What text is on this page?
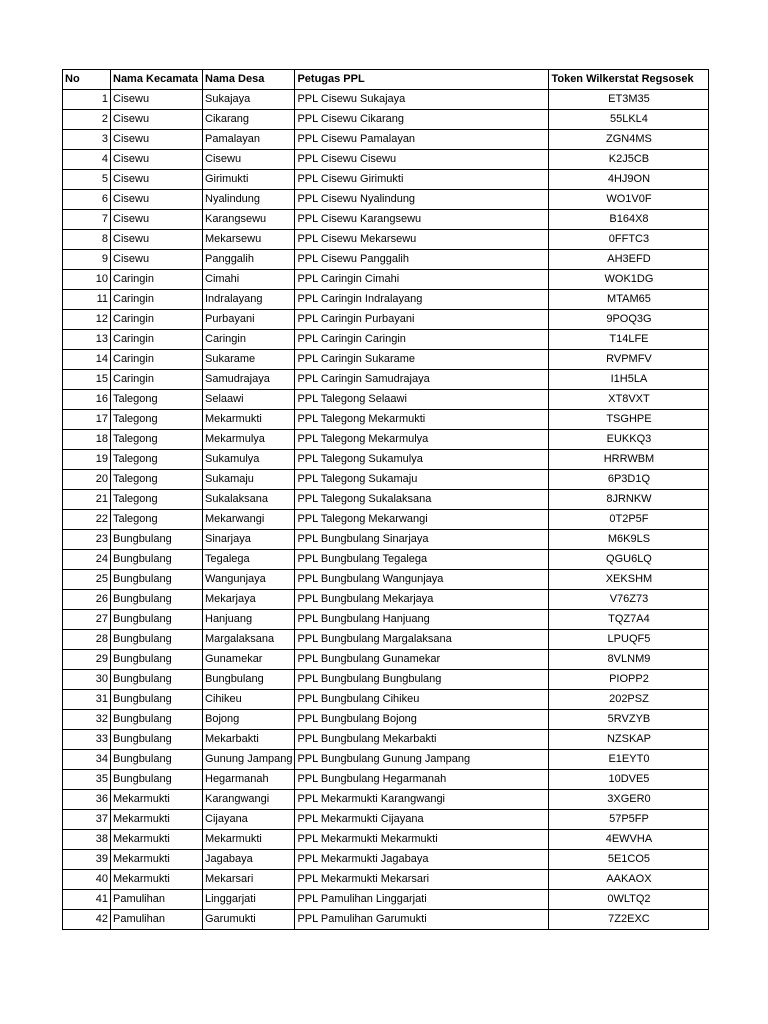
No	Nama Kecamata	Nama Desa	Petugas PPL	Token Wilkerstat Regsosek
1	Cisewu	Sukajaya	PPL Cisewu Sukajaya	ET3M35
2	Cisewu	Cikarang	PPL Cisewu Cikarang	55LKL4
3	Cisewu	Pamalayan	PPL Cisewu Pamalayan	ZGN4MS
4	Cisewu	Cisewu	PPL Cisewu Cisewu	K2J5CB
5	Cisewu	Girimukti	PPL Cisewu Girimukti	4HJ9ON
6	Cisewu	Nyalindung	PPL Cisewu Nyalindung	WO1V0F
7	Cisewu	Karangsewu	PPL Cisewu Karangsewu	B164X8
8	Cisewu	Mekarsewu	PPL Cisewu Mekarsewu	0FFTC3
9	Cisewu	Panggalih	PPL Cisewu Panggalih	AH3EFD
10	Caringin	Cimahi	PPL Caringin Cimahi	WOK1DG
11	Caringin	Indralayang	PPL Caringin Indralayang	MTAM65
12	Caringin	Purbayani	PPL Caringin Purbayani	9POQ3G
13	Caringin	Caringin	PPL Caringin Caringin	T14LFE
14	Caringin	Sukarame	PPL Caringin Sukarame	RVPMFV
15	Caringin	Samudrajaya	PPL Caringin Samudrajaya	I1H5LA
16	Talegong	Selaawi	PPL Talegong Selaawi	XT8VXT
17	Talegong	Mekarmukti	PPL Talegong Mekarmukti	TSGHPE
18	Talegong	Mekarmulya	PPL Talegong Mekarmulya	EUKKQ3
19	Talegong	Sukamulya	PPL Talegong Sukamulya	HRRWBM
20	Talegong	Sukamaju	PPL Talegong Sukamaju	6P3D1Q
21	Talegong	Sukalaksana	PPL Talegong Sukalaksana	8JRNKW
22	Talegong	Mekarwangi	PPL Talegong Mekarwangi	0T2P5F
23	Bungbulang	Sinarjaya	PPL Bungbulang Sinarjaya	M6K9LS
24	Bungbulang	Tegalega	PPL Bungbulang Tegalega	QGU6LQ
25	Bungbulang	Wangunjaya	PPL Bungbulang Wangunjaya	XEKSHM
26	Bungbulang	Mekarjaya	PPL Bungbulang Mekarjaya	V76Z73
27	Bungbulang	Hanjuang	PPL Bungbulang Hanjuang	TQZ7A4
28	Bungbulang	Margalaksana	PPL Bungbulang Margalaksana	LPUQF5
29	Bungbulang	Gunamekar	PPL Bungbulang Gunamekar	8VLNM9
30	Bungbulang	Bungbulang	PPL Bungbulang Bungbulang	PIOPP2
31	Bungbulang	Cihikeu	PPL Bungbulang Cihikeu	202PSZ
32	Bungbulang	Bojong	PPL Bungbulang Bojong	5RVZYB
33	Bungbulang	Mekarbakti	PPL Bungbulang Mekarbakti	NZSKAP
34	Bungbulang	Gunung Jampang	PPL Bungbulang Gunung Jampang	E1EYT0
35	Bungbulang	Hegarmanah	PPL Bungbulang Hegarmanah	10DVE5
36	Mekarmukti	Karangwangi	PPL Mekarmukti Karangwangi	3XGER0
37	Mekarmukti	Cijayana	PPL Mekarmukti Cijayana	57P5FP
38	Mekarmukti	Mekarmukti	PPL Mekarmukti Mekarmukti	4EWVHA
39	Mekarmukti	Jagabaya	PPL Mekarmukti Jagabaya	5E1CO5
40	Mekarmukti	Mekarsari	PPL Mekarmukti Mekarsari	AAKAOX
41	Pamulihan	Linggarjati	PPL Pamulihan Linggarjati	0WLTQ2
42	Pamulihan	Garumukti	PPL Pamulihan Garumukti	7Z2EXC
